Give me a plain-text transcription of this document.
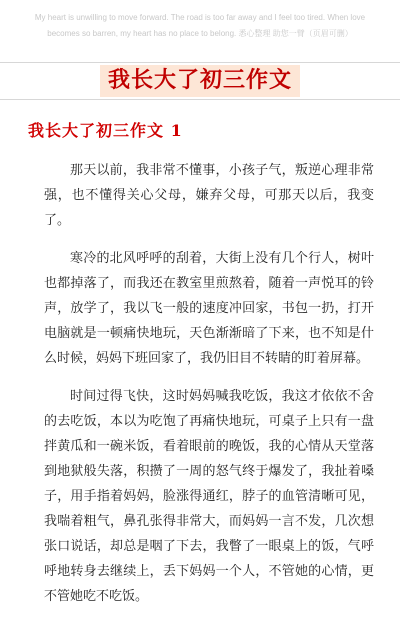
My heart is unwilling to move forward. The road is too far away and I feel too tired. When love becomes so barren, my heart has no place to belong. 悉心整理 助您一臂（页眉可删）
我长大了初三作文
我长大了初三作文 1

那天以前，我非常不懂事，小孩子气，叛逆心理非常强，也不懂得关心父母，嫌弃父母，可那天以后，我变了。

寒冷的北风呼呼的刮着，大街上没有几个行人，树叶也都掉落了，而我还在教室里煎熬着，随着一声悦耳的铃声，放学了，我以飞一般的速度冲回家，书包一扔，打开电脑就是一顿痛快地玩，天色渐渐暗了下来，也不知是什么时候，妈妈下班回家了，我仍旧目不转睛的盯着屏幕。

时间过得飞快，这时妈妈喊我吃饭，我这才依依不舍的去吃饭，本以为吃饱了再痛快地玩，可桌子上只有一盘拌黄瓜和一碗米饭，看着眼前的晚饭，我的心情从天堂落到地狱般失落，积攒了一周的怒气终于爆发了，我扯着嗓子，用手指着妈妈，脸涨得通红，脖子的血管清晰可见，我喘着粗气，鼻孔张得非常大，而妈妈一言不发，几次想张口说话，却总是咽了下去，我瞥了一眼桌上的饭，气呼呼地转身去继续上，丢下妈妈一个人，不管她的心情，更不管她吃不吃饭。
